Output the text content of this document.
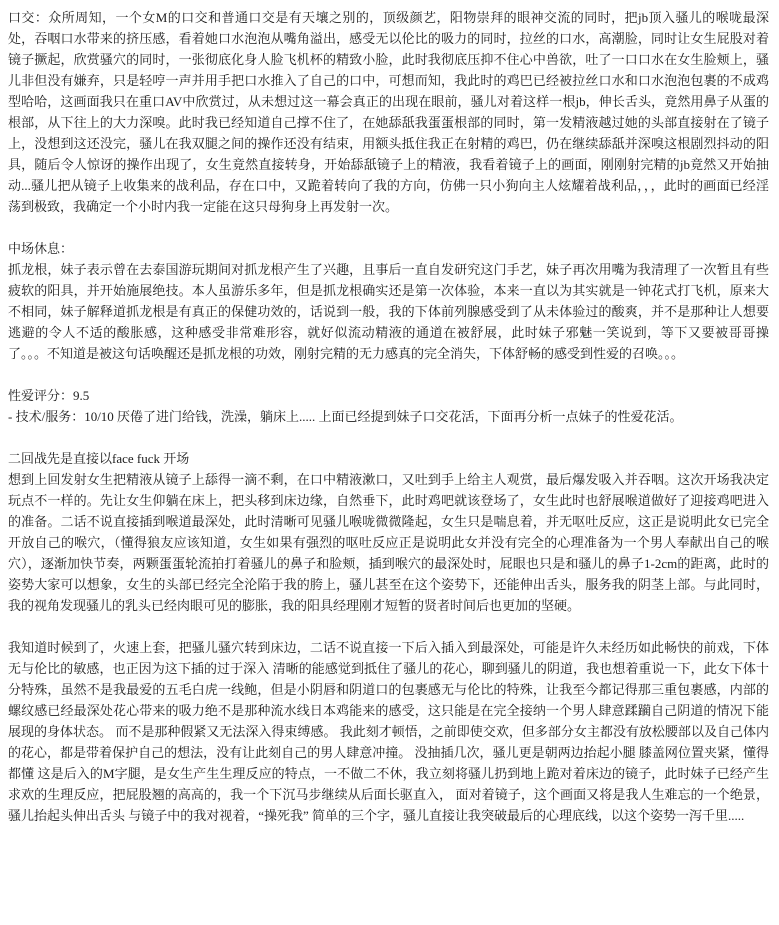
口交：众所周知，一个女M的口交和普通口交是有天壤之别的，顶级颜艺，阳物崇拜的眼神交流的同时，把jb顶入骚儿的喉咙最深处，吞咽口水带来的挤压感，看着她口水泡泡从嘴角溢出，感受无以伦比的吸力的同时，拉丝的口水，高潮脸，同时让女生屁股对着镜子撅起，欣赏骚穴的同时，一张彻底化身人脸飞机杯的精致小脸，此时我彻底压抑不住心中兽欲，吐了一口口水在女生脸颊上，骚儿非但没有嫌弃，只是轻哼一声并用手把口水推入了自己的口中，可想而知，我此时的鸡巴已经被拉丝口水和口水泡泡包裹的不成鸡型哈哈，这画面我只在重口AV中欣赏过，从未想过这一幕会真正的出现在眼前，骚儿对着这样一根jb，伸长舌头，竟然用鼻子从蛋的根部，从下往上的大力深嗅。此时我已经知道自己撑不住了，在她舔舐我蛋蛋根部的同时，第一发精液越过她的头部直接射在了镜子上，没想到这还没完，骚儿在我双腿之间的操作还没有结束，用额头抵住我正在射精的鸡巴，仍在继续舔舐并深嗅这根剧烈抖动的阳具，随后令人惊讶的操作出现了，女生竟然直接转身，开始舔舐镜子上的精液，我看着镜子上的画面，刚刚射完精的jb竟然又开始抽动...骚儿把从镜子上收集来的战利品，存在口中，又跪着转向了我的方向，仿佛一只小狗向主人炫耀着战利品，，，此时的画面已经淫荡到极致，我确定一个小时内我一定能在这只母狗身上再发射一次。

中场休息：

抓龙根，妹子表示曾在去泰国游玩期间对抓龙根产生了兴趣，且事后一直自发研究这门手艺，妹子再次用嘴为我清理了一次暂且有些疲软的阳具，并开始施展绝技。本人虽游乐多年，但是抓龙根确实还是第一次体验，本来一直以为其实就是一钟花式打飞机，原来大不相同，妹子解释道抓龙根是有真正的保健功效的，话说到一般，我的下体前列腺感受到了从未体验过的酸爽，并不是那种让人想要逃避的令人不适的酸胀感，这种感受非常难形容，就好似流动精液的通道在被舒展，此时妹子邪魅一笑说到，等下又要被哥哥操了。。。不知道是被这句话唤醒还是抓龙根的功效，刚射完精的无力感真的完全消失，下体舒畅的感受到性爱的召唤。。。

性爱评分：9.5

- 技术/服务：10/10 厌倦了进门给钱，洗澡，躺床上..... 上面已经提到妹子口交花活，下面再分析一点妹子的性爱花活。

二回战先是直接以face fuck 开场

想到上回发射女生把精液从镜子上舔得一滴不剩，在口中精液漱口，又吐到手上给主人观赏，最后爆发吸入并吞咽。这次开场我决定玩点不一样的。先让女生仰躺在床上，把头移到床边缘，自然垂下，此时鸡吧就该登场了，女生此时也舒展喉道做好了迎接鸡吧进入的准备。二话不说直接插到喉道最深处，此时清晰可见骚儿喉咙微微隆起，女生只是喘息着，并无呕吐反应，这正是说明此女已完全开放自己的喉穴，（懂得狼友应该知道，女生如果有强烈的呕吐反应正是说明此女并没有完全的心理准备为一个男人奉献出自己的喉穴），逐渐加快节奏，两颗蛋蛋轮流拍打着骚儿的鼻子和脸颊，插到喉穴的最深处时，屁眼也只是和骚儿的鼻子1-2cm的距离，此时的姿势大家可以想象，女生的头部已经完全沦陷于我的胯上，骚儿甚至在这个姿势下，还能伸出舌头，服务我的阴茎上部。与此同时，我的视角发现骚儿的乳头已经肉眼可见的膨胀，我的阳具经理刚才短暂的贤者时间后也更加的坚硬。

我知道时候到了，火速上套，把骚儿骚穴转到床边，二话不说直接一下后入插入到最深处，可能是许久未经历如此畅快的前戏，下体无与伦比的敏感，也正因为这下插的过于深入 清晰的能感觉到抵住了骚儿的花心，聊到骚儿的阴道，我也想着重说一下，此女下体十分特殊，虽然不是我最爱的五毛白虎一线鲍，但是小阴唇和阴道口的包裹感无与伦比的特殊，让我至今都记得那三重包裹感，内部的螺纹感已经最深处花心带来的吸力绝不是那种流水线日本鸡能来的感受，这只能是在完全接纳一个男人肆意蹂躏自己阴道的情况下能展现的身体状态。 而不是那种假紧又无法深入得束缚感。 我此刻才顿悟，之前即使交欢，但多部分女主都没有放松腰部以及自己体内的花心，都是带着保护自己的想法，没有让此刻自己的男人肆意冲撞。 没抽插几次，骚儿更是朝两边抬起小腿 膝盖网位置夹紧，懂得都懂 这是后入的M字腿，是女生产生生理反应的特点，一不做二不休，我立刻将骚儿扔到地上跪对着床边的镜子，此时妹子已经产生求欢的生理反应，把屁股翘的高高的，我一个下沉马步继续从后面长驱直入， 面对着镜子，这个画面又将是我人生难忘的一个绝景，骚儿抬起头伸出舌头 与镜子中的我对视着，“操死我” 简单的三个字，骚儿直接让我突破最后的心理底线，以这个姿势一泻千里.....
